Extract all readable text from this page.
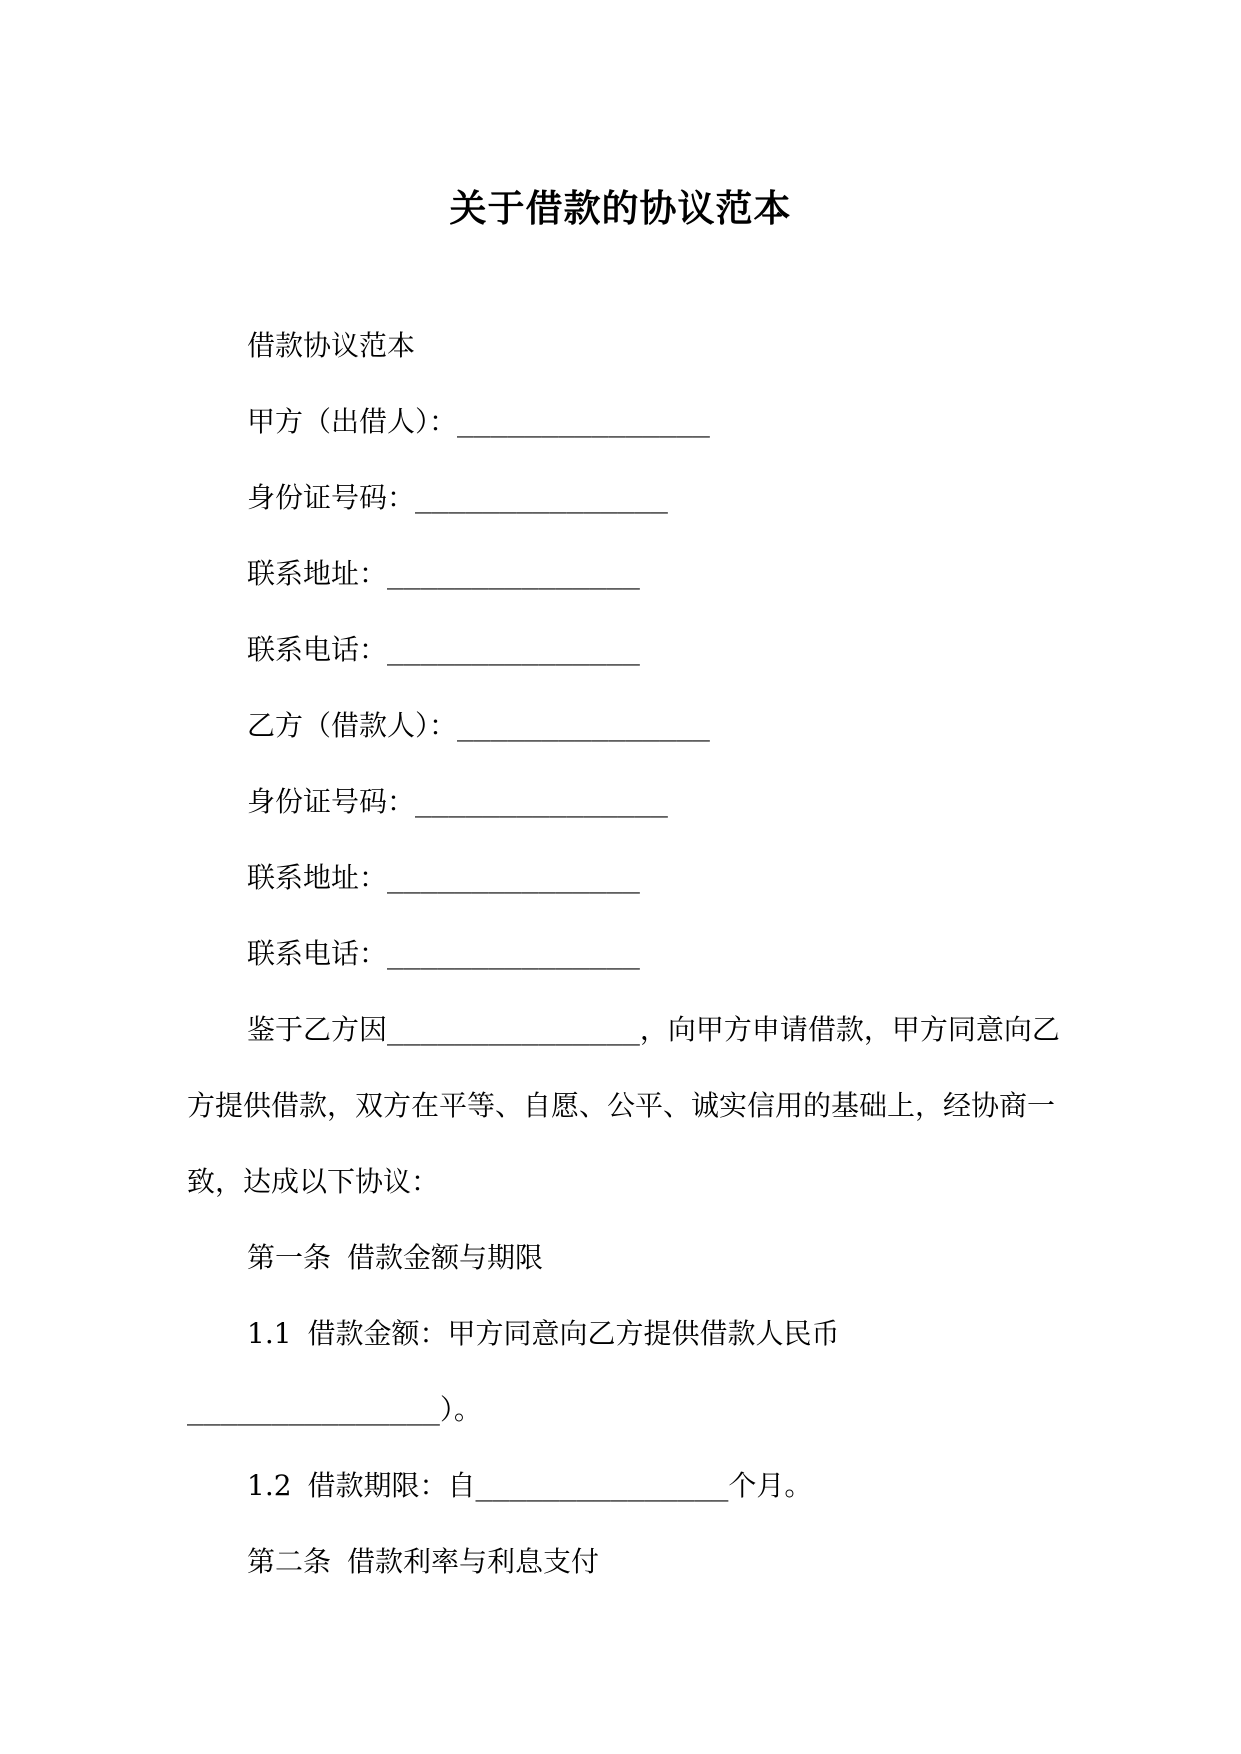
关于借款的协议范本

借款协议范本

甲方（出借人）：_______________

身份证号码：_______________

联系地址：_______________

联系电话：_______________

乙方（借款人）：_______________

身份证号码：_______________

联系地址：_______________

联系电话：_______________

鉴于乙方因_______________，向甲方申请借款，甲方同意向乙方提供借款，双方在平等、自愿、公平、诚实信用的基础上，经协商一致，达成以下协议：

第一条 借款金额与期限

1.1 借款金额：甲方同意向乙方提供借款人民币

_______________）。

1.2 借款期限：自_______________个月。

第二条 借款利率与利息支付
